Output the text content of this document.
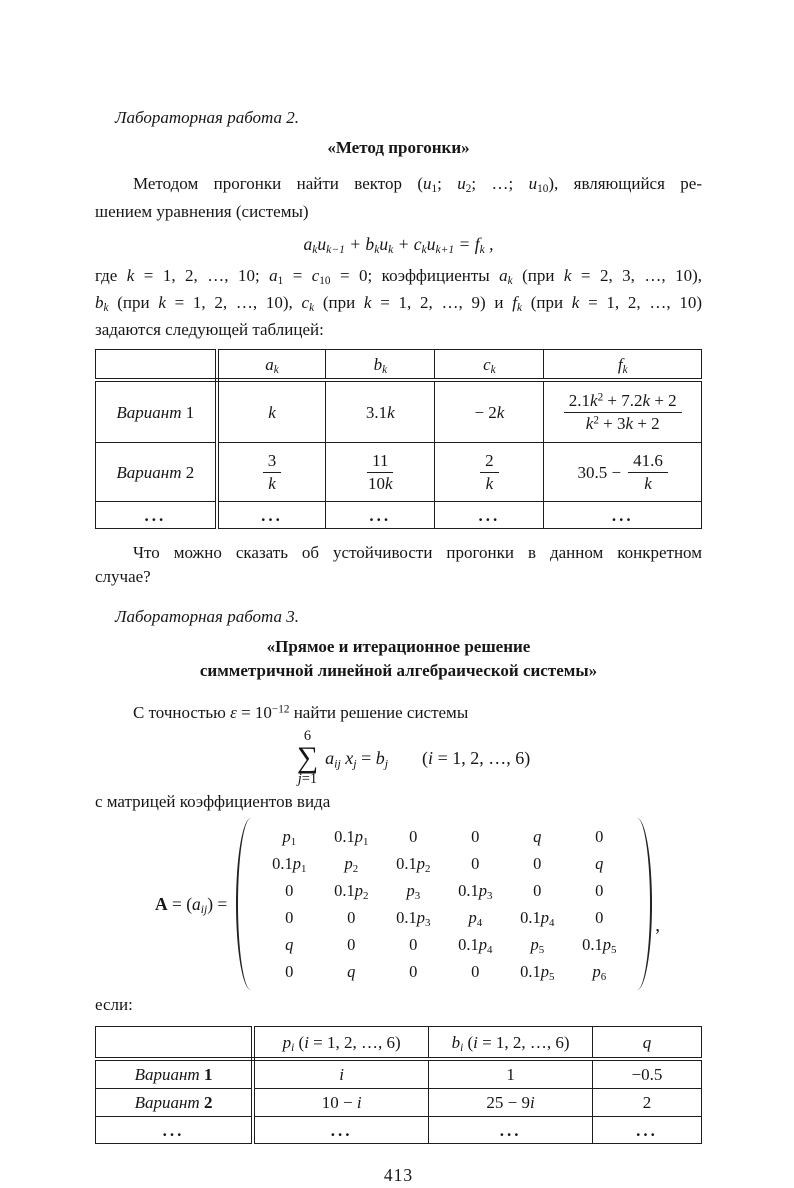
Лабораторная работа 2.
«Метод прогонки»
Методом прогонки найти вектор ($u_1$; $u_2$; …; $u_{10}$), являющийся ре-
шением уравнения (системы)
$a_ku_{k-1} + b_ku_k + c_ku_{k+1} = f_k$ ,
где k = 1, 2, …, 10; $a_1 = c_{10} = 0$; коэффициенты $a_k$ (при k = 2, 3, …, 10),
$b_k$ (при k = 1, 2, …, 10), $c_k$ (при k = 1, 2, …, 9) и $f_k$ (при k = 1, 2, …, 10)
задаются следующей таблицей:
	$a_k$	$b_k$	$c_k$	$f_k$
Вариант 1	k	3.1k	− 2k	$\frac{2.1k^2 + 7.2k + 2}{k^2 + 3k + 2}$

Вариант 2	$\frac{3}{k}$	$\frac{11}{10k}$	$\frac{2}{k}$	$30.5 - \frac{41.6}{k}$

...	...	...	...	...
Что можно сказать об устойчивости прогонки в данном конкретном
случае?
Лабораторная работа 3.
«Прямое и итерационное решение
симметричной линейной алгебраической системы»
С точностью $\varepsilon = 10^{-12}$ найти решение системы
6
∑
j=1
$a_{ij}$ $x_j = b_j$ (i = 1, 2, …, 6)
с матрицей коэффициентов вида
$A = (a_{ij})$ =
$p_1$	$0.1p_1$	0	0	q	0
$0.1p_1$	$p_2$	$0.1p_2$	0	0	q
0	$0.1p_2$	$p_3$	$0.1p_3$	0	0
0	0	$0.1p_3$	$p_4$	$0.1p_4$	0
q	0	0	$0.1p_4$	$p_5$	$0.1p_5$
0	q	0	0	$0.1p_5$	$p_6$
,
если:
	$p_i$ (i = 1, 2, …, 6)	$b_i$ (i = 1, 2, …, 6)	q
Вариант 1	i	1	−0.5
Вариант 2	10 − i	25 − 9i	2
...	...	...	...
413
